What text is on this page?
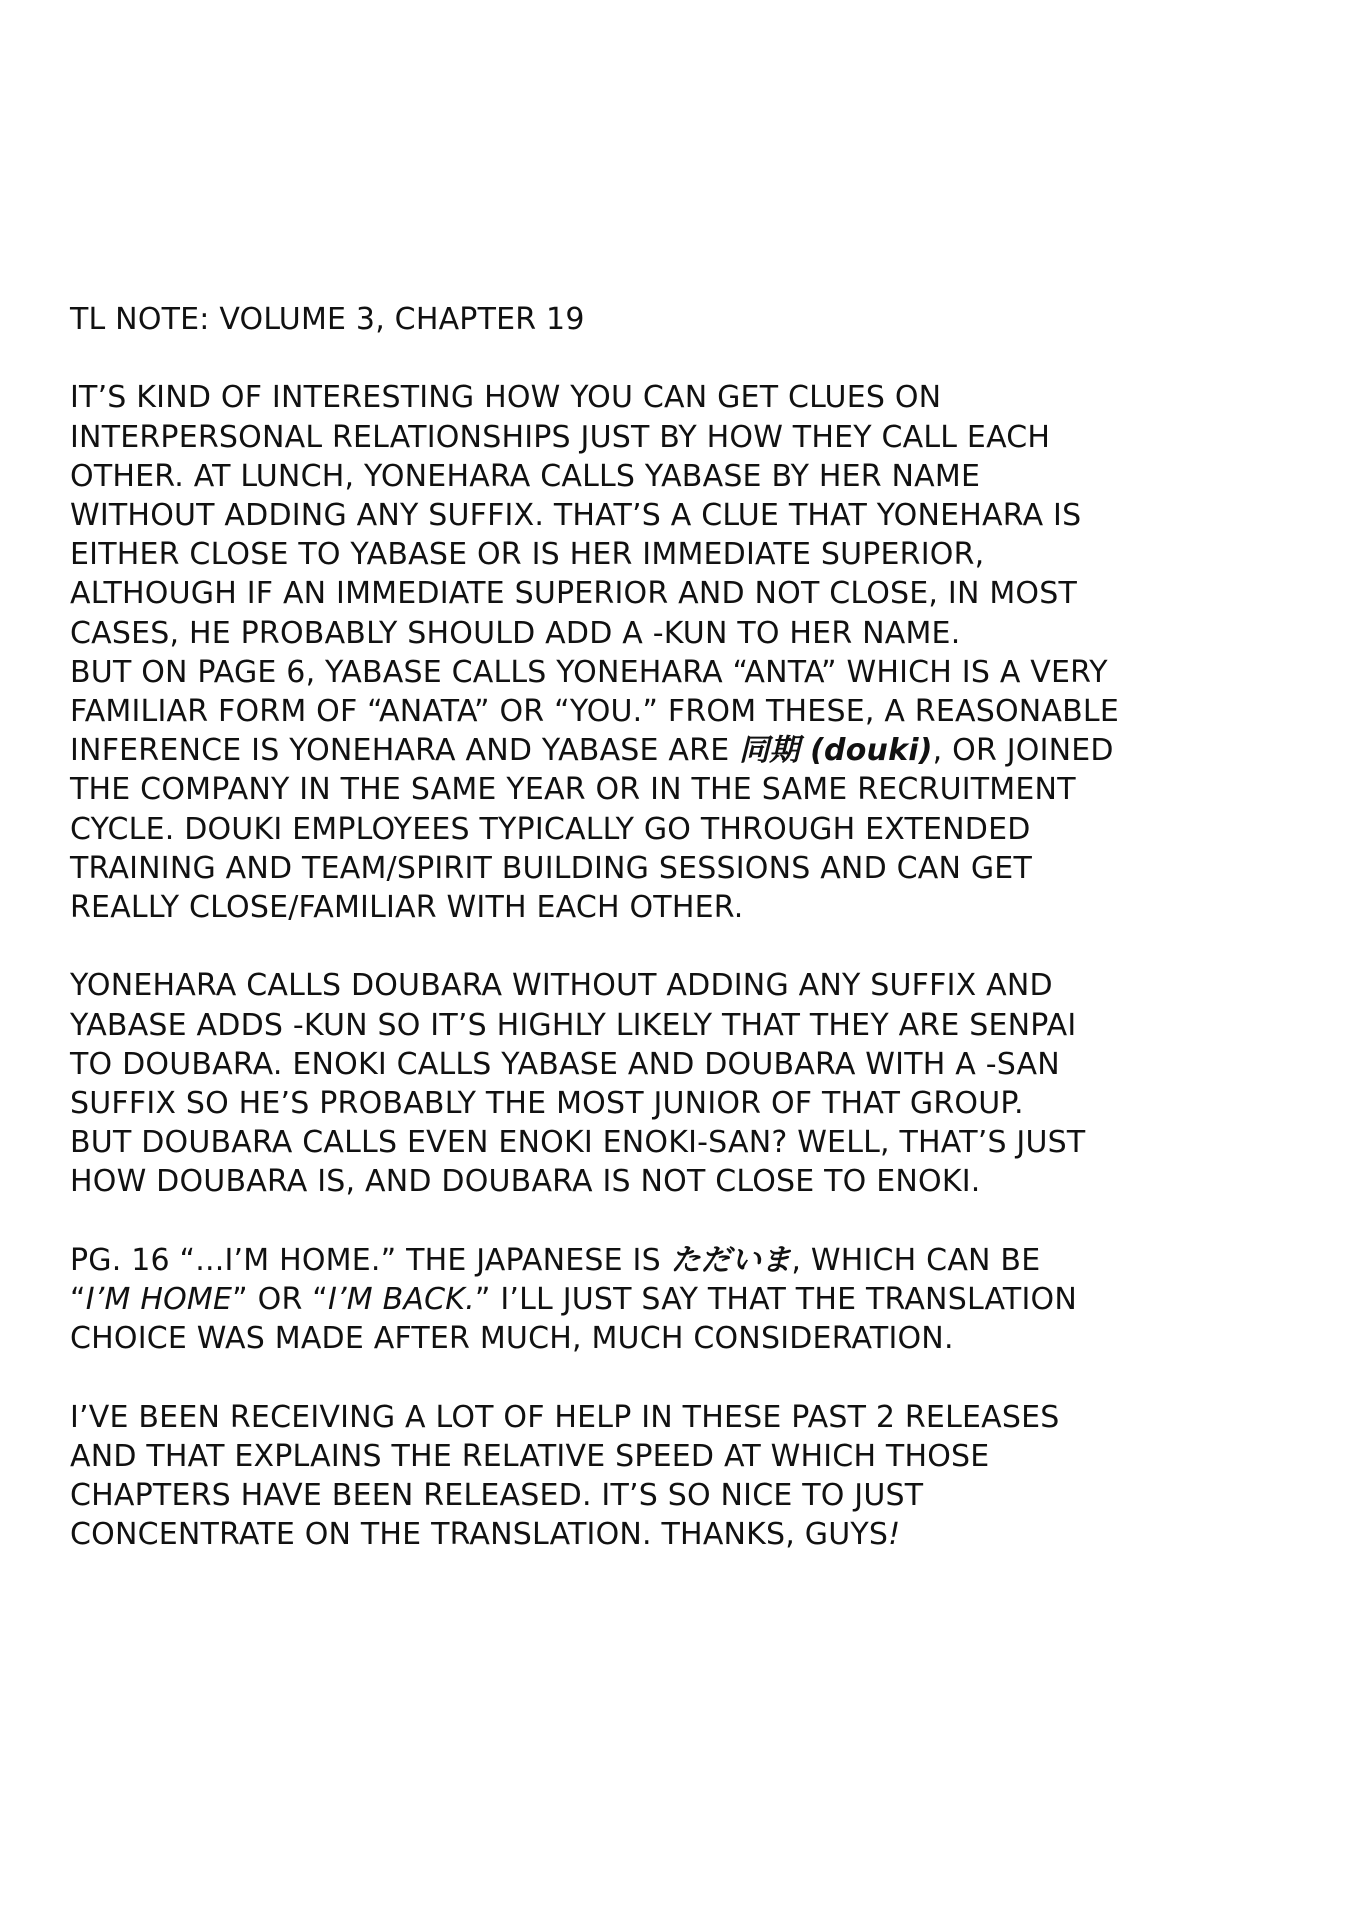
TL NOTE: VOLUME 3, CHAPTER 19

IT’S KIND OF INTERESTING HOW YOU CAN GET CLUES ON
INTERPERSONAL RELATIONSHIPS JUST BY HOW THEY CALL EACH
OTHER. AT LUNCH, YONEHARA CALLS YABASE BY HER NAME
WITHOUT ADDING ANY SUFFIX. THAT’S A CLUE THAT YONEHARA IS
EITHER CLOSE TO YABASE OR IS HER IMMEDIATE SUPERIOR,
ALTHOUGH IF AN IMMEDIATE SUPERIOR AND NOT CLOSE, IN MOST
CASES, HE PROBABLY SHOULD ADD A -KUN TO HER NAME.
BUT ON PAGE 6, YABASE CALLS YONEHARA “ANTA” WHICH IS A VERY
FAMILIAR FORM OF “ANATA” OR “YOU.” FROM THESE, A REASONABLE
INFERENCE IS YONEHARA AND YABASE ARE 同期 (douki), OR JOINED
THE COMPANY IN THE SAME YEAR OR IN THE SAME RECRUITMENT
CYCLE. DOUKI EMPLOYEES TYPICALLY GO THROUGH EXTENDED
TRAINING AND TEAM/SPIRIT BUILDING SESSIONS AND CAN GET
REALLY CLOSE/FAMILIAR WITH EACH OTHER.

YONEHARA CALLS DOUBARA WITHOUT ADDING ANY SUFFIX AND
YABASE ADDS -KUN SO IT’S HIGHLY LIKELY THAT THEY ARE SENPAI
TO DOUBARA. ENOKI CALLS YABASE AND DOUBARA WITH A -SAN
SUFFIX SO HE’S PROBABLY THE MOST JUNIOR OF THAT GROUP.
BUT DOUBARA CALLS EVEN ENOKI ENOKI-SAN? WELL, THAT’S JUST
HOW DOUBARA IS, AND DOUBARA IS NOT CLOSE TO ENOKI.

PG. 16 “...I’M HOME.” THE JAPANESE IS ただいま, WHICH CAN BE
“I’M HOME” OR “I’M BACK.” I’LL JUST SAY THAT THE TRANSLATION
CHOICE WAS MADE AFTER MUCH, MUCH CONSIDERATION.

I’VE BEEN RECEIVING A LOT OF HELP IN THESE PAST 2 RELEASES
AND THAT EXPLAINS THE RELATIVE SPEED AT WHICH THOSE
CHAPTERS HAVE BEEN RELEASED. IT’S SO NICE TO JUST
CONCENTRATE ON THE TRANSLATION. THANKS, GUYS!
